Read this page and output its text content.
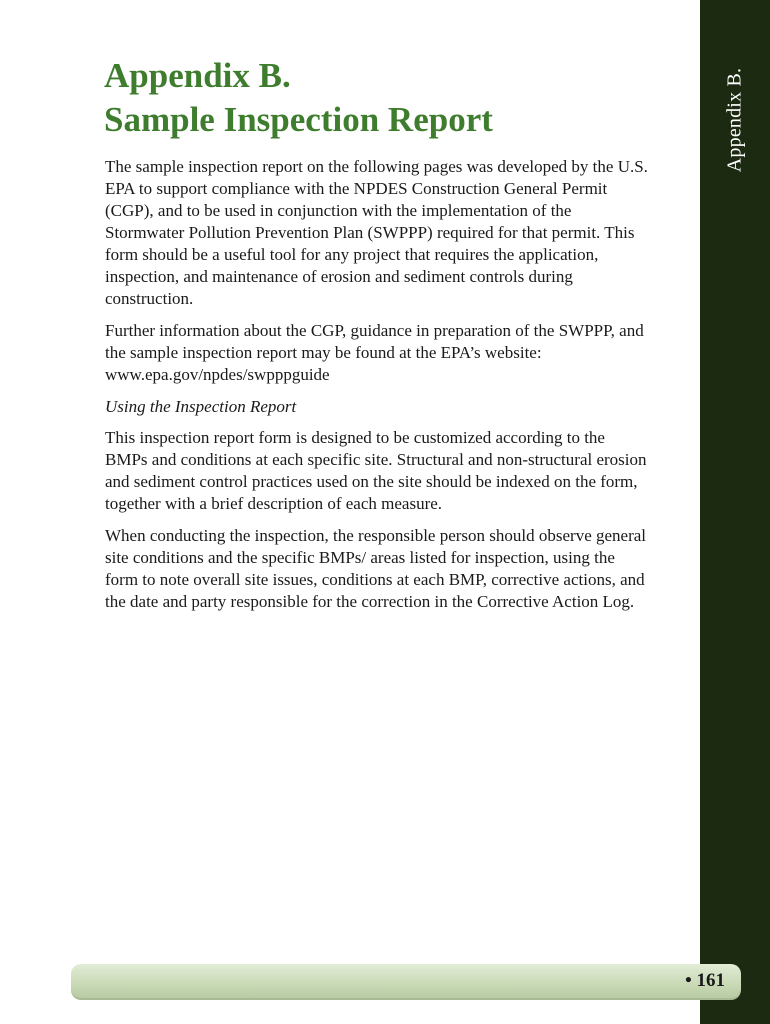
Appendix B.
Appendix B.
Sample Inspection Report

The sample inspection report on the following pages was developed by the U.S. EPA to support compliance with the NPDES Construction General Permit (CGP), and to be used in conjunction with the implementation of the Stormwater Pollution Prevention Plan (SWPPP) required for that permit. This form should be a useful tool for any project that requires the application, inspection, and maintenance of erosion and sediment controls during construction.

Further information about the CGP, guidance in preparation of the SWPPP, and the sample inspection report may be found at the EPA’s website: www.epa.gov/npdes/swpppguide

Using the Inspection Report

This inspection report form is designed to be customized according to the BMPs and conditions at each specific site. Structural and non-structural erosion and sediment control practices used on the site should be indexed on the form, together with a brief description of each measure.

When conducting the inspection, the responsible person should observe general site conditions and the specific BMPs/ areas listed for inspection, using the form to note overall site issues, conditions at each BMP, corrective actions, and the date and party responsible for the correction in the Corrective Action Log.

• 161
